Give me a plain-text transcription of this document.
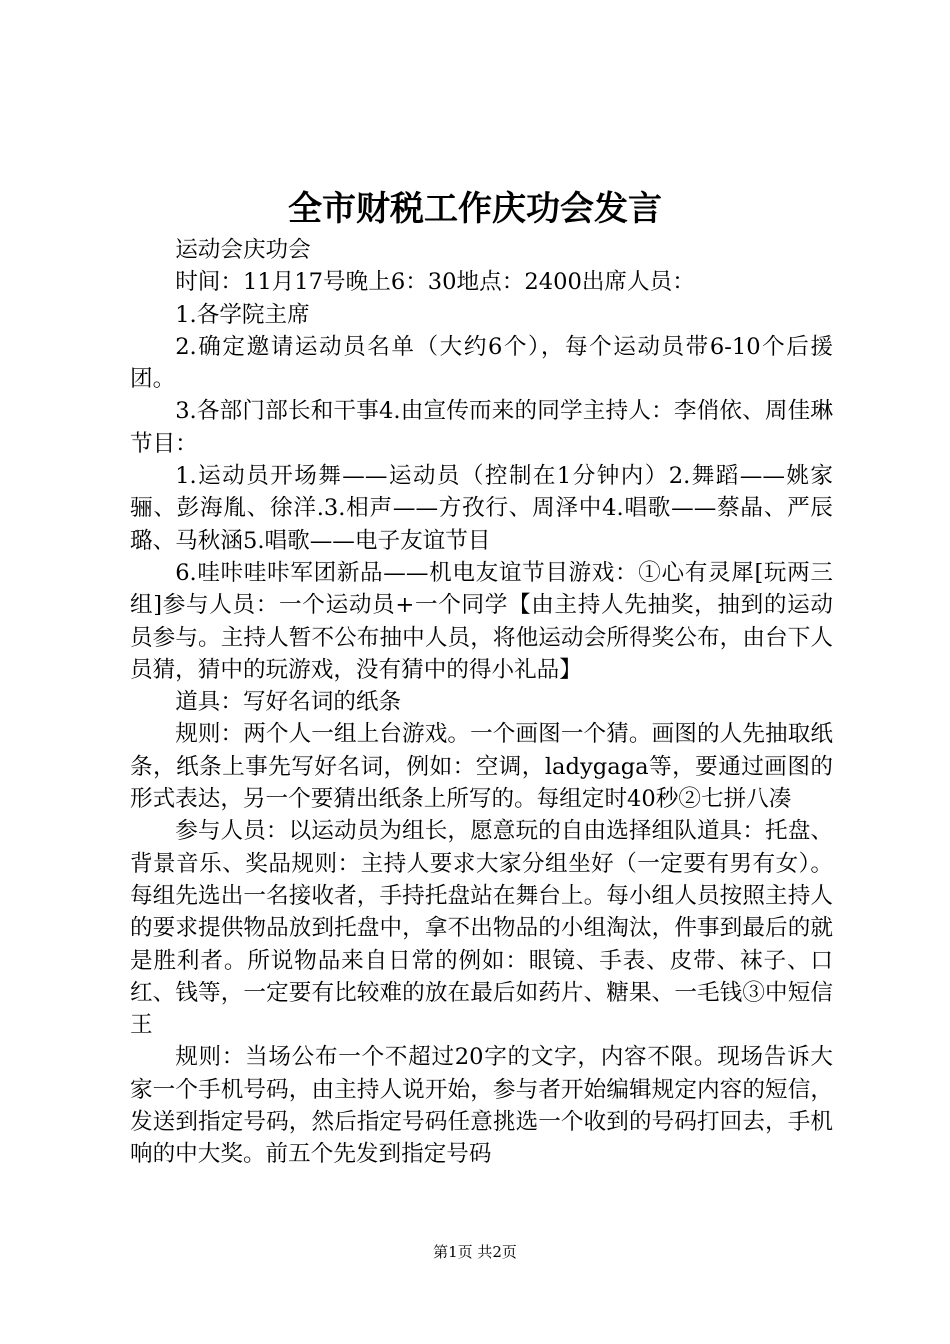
全市财税工作庆功会发言

运动会庆功会

时间：11月17号晚上6：30地点：2400出席人员：

1.各学院主席

2.确定邀请运动员名单（大约6个），每个运动员带6-10个后援团。

3.各部门部长和干事4.由宣传而来的同学主持人：李俏依、周佳琳节目：

1.运动员开场舞——运动员（控制在1分钟内）2.舞蹈——姚家骊、彭海胤、徐洋.3.相声——方孜行、周泽中4.唱歌——蔡晶、严辰璐、马秋涵5.唱歌——电子友谊节目

6.哇咔哇咔军团新品——机电友谊节目游戏：①心有灵犀[玩两三组]参与人员：一个运动员+一个同学【由主持人先抽奖，抽到的运动员参与。主持人暂不公布抽中人员，将他运动会所得奖公布，由台下人员猜，猜中的玩游戏，没有猜中的得小礼品】

道具：写好名词的纸条

规则：两个人一组上台游戏。一个画图一个猜。画图的人先抽取纸条，纸条上事先写好名词，例如：空调，ladygaga等，要通过画图的形式表达，另一个要猜出纸条上所写的。每组定时40秒②七拼八凑

参与人员：以运动员为组长，愿意玩的自由选择组队道具：托盘、背景音乐、奖品规则：主持人要求大家分组坐好（一定要有男有女）。每组先选出一名接收者，手持托盘站在舞台上。每小组人员按照主持人的要求提供物品放到托盘中，拿不出物品的小组淘汰，件事到最后的就是胜利者。所说物品来自日常的例如：眼镜、手表、皮带、袜子、口红、钱等，一定要有比较难的放在最后如药片、糖果、一毛钱③中短信王

规则：当场公布一个不超过20字的文字，内容不限。现场告诉大家一个手机号码，由主持人说开始，参与者开始编辑规定内容的短信，发送到指定号码，然后指定号码任意挑选一个收到的号码打回去，手机响的中大奖。前五个先发到指定号码

第1页 共2页
